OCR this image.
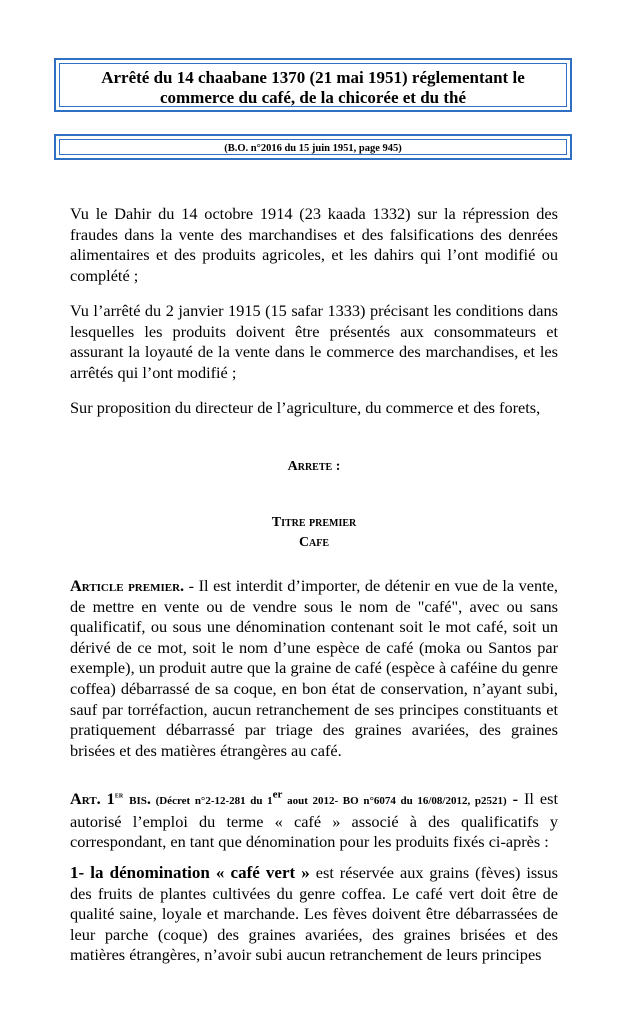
Arrêté du 14 chaabane 1370 (21 mai 1951) réglementant le
commerce du café, de la chicorée et du thé
(B.O. n°2016 du 15 juin 1951, page 945)

Vu le Dahir du 14 octobre 1914 (23 kaada 1332) sur la répression des fraudes dans la vente des marchandises et des falsifications des denrées alimentaires et des produits agricoles, et les dahirs qui l’ont modifié ou complété ;

Vu l’arrêté du 2 janvier 1915 (15 safar 1333) précisant les conditions dans lesquelles les produits doivent être présentés aux consommateurs et assurant la loyauté de la vente dans le commerce des marchandises, et les arrêtés qui l’ont modifié ;

Sur proposition du directeur de l’agriculture, du commerce et des forets,

Arrete :

Titre premier

Cafe

Article premier. - Il est interdit d’importer, de détenir en vue de la vente, de mettre en vente ou de vendre sous le nom de "café", avec ou sans qualificatif, ou sous une dénomination contenant soit le mot café, soit un dérivé de ce mot, soit le nom d’une espèce de café (moka ou Santos par exemple), un produit autre que la graine de café (espèce à caféine du genre coffea) débarrassé de sa coque, en bon état de conservation, n’ayant subi, sauf par torréfaction, aucun retranchement de ses principes constituants et pratiquement débarrassé par triage des graines avariées, des graines brisées et des matières étrangères au café.

Art. 1er bis. (Décret n°2-12-281 du 1er aout 2012- BO n°6074 du 16/08/2012, p2521) - Il est autorisé l’emploi du terme « café » associé à des qualificatifs y correspondant, en tant que dénomination pour les produits fixés ci-après :

1- la dénomination « café vert » est réservée aux grains (fèves) issus des fruits de plantes cultivées du genre coffea. Le café vert doit être de qualité saine, loyale et marchande. Les fèves doivent être débarrassées de leur parche (coque) des graines avariées, des graines brisées et des matières étrangères, n’avoir subi aucun retranchement de leurs principes
